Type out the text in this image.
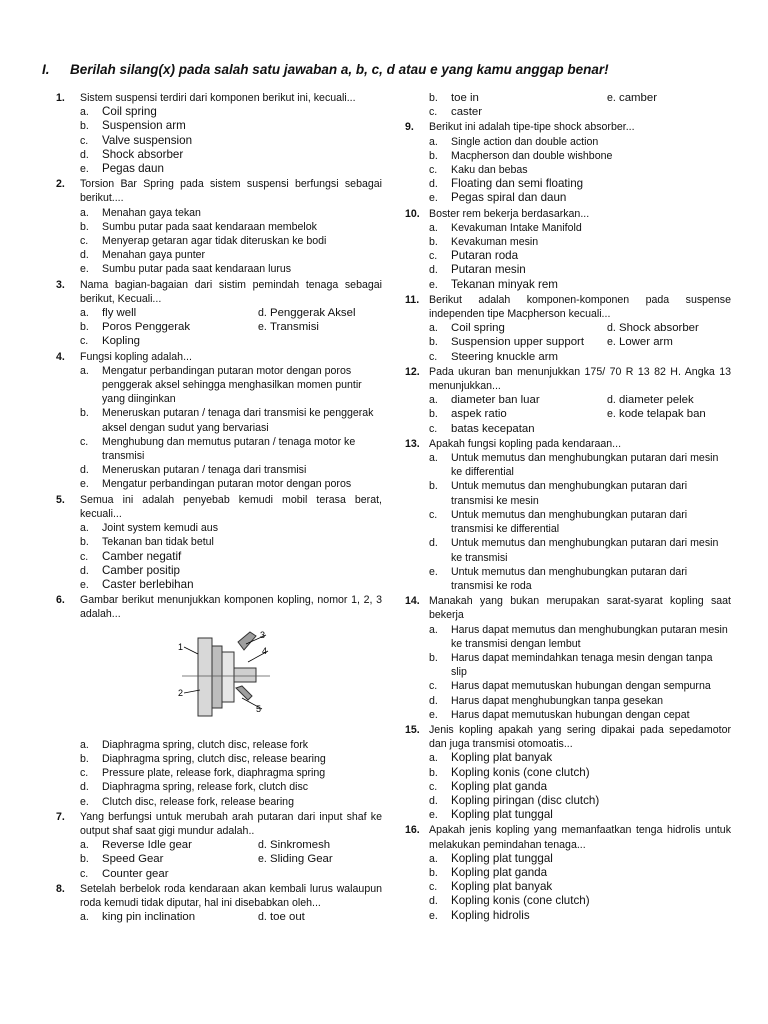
I. Berilah silang(x) pada salah satu jawaban a, b, c, d atau e yang kamu anggap benar!
1. Sistem suspensi terdiri dari komponen berikut ini, kecuali...
a.	Coil spring
b.	Suspension arm
c.	Valve suspension
d.	Shock absorber
e.	Pegas daun
2. Torsion Bar Spring pada sistem suspensi berfungsi sebagai berikut....
a.	Menahan gaya tekan
b.	Sumbu putar pada saat kendaraan membelok
c.	Menyerap getaran agar tidak diteruskan ke bodi
d.	Menahan gaya punter
e.	Sumbu putar pada saat kendaraan lurus
3. Nama bagian-bagaian dari sistim pemindah tenaga sebagai berikut, Kecuali...
a.	fly well	d. Penggerak Aksel
b.	Poros Penggerak	e. Transmisi
c.	Kopling
4. Fungsi kopling adalah...
a.	Mengatur perbandingan putaran motor dengan poros penggerak aksel sehingga menghasilkan momen puntir yang diinginkan
b.	Meneruskan putaran / tenaga dari transmisi ke penggerak aksel dengan sudut yang bervariasi
c.	Menghubung dan memutus putaran / tenaga motor ke transmisi
d.	Meneruskan putaran / tenaga dari transmisi
e.	Mengatur perbandingan putaran motor dengan poros
5. Semua ini adalah penyebab kemudi mobil terasa berat, kecuali...
a.	Joint system kemudi aus
b.	Tekanan ban tidak betul
c.	Camber negatif
d.	Camber positip
e.	Caster berlebihan
6. Gambar berikut menunjukkan komponen kopling, nomor 1, 2, 3 adalah...
1
2
3
4
5
a.	Diaphragma spring, clutch disc, release fork
b.	Diaphragma spring, clutch disc, release bearing
c.	Pressure plate, release fork, diaphragma spring
d.	Diaphragma spring, release fork, clutch disc
e.	Clutch disc, release fork, release bearing
7. Yang berfungsi untuk merubah arah putaran dari input shaf ke output shaf saat gigi mundur adalah..
a.	Reverse Idle gear	d. Sinkromesh
b.	Speed Gear	e. Sliding Gear
c.	Counter gear
8. Setelah berbelok roda kendaraan akan kembali lurus walaupun roda kemudi tidak diputar, hal ini disebabkan oleh...
a.	king pin inclination	d. toe out
b.	toe in	e. camber
c.	caster
9. Berikut ini adalah tipe-tipe shock absorber...
a.	Single action dan double action
b.	Macpherson dan double wishbone
c.	Kaku dan bebas
d.	Floating dan semi floating
e.	Pegas spiral dan daun
10. Boster rem bekerja berdasarkan...
a.	Kevakuman Intake Manifold
b.	Kevakuman mesin
c.	Putaran roda
d.	Putaran mesin
e.	Tekanan minyak rem
11. Berikut adalah komponen-komponen pada suspense independen tipe Macpherson kecuali...
a.	Coil spring	d. Shock absorber
b.	Suspension upper support e. Lower arm
c.	Steering knuckle arm
12. Pada ukuran ban menunjukkan 175/ 70 R 13 82 H. Angka 13 menunjukkan...
a.	diameter ban luar	d. diameter pelek
b.	aspek ratio	e. kode telapak ban
c.	batas kecepatan
13. Apakah fungsi kopling pada kendaraan...
a.	Untuk memutus dan menghubungkan putaran dari mesin ke differential
b.	Untuk memutus dan menghubungkan putaran dari transmisi ke mesin
c.	Untuk memutus dan menghubungkan putaran dari transmisi ke differential
d.	Untuk memutus dan menghubungkan putaran dari mesin ke transmisi
e.	Untuk memutus dan menghubungkan putaran dari transmisi ke roda
14. Manakah yang bukan merupakan sarat-syarat kopling saat bekerja
a.	Harus dapat memutus dan menghubungkan putaran mesin ke transmisi dengan lembut
b.	Harus dapat memindahkan tenaga mesin dengan tanpa slip
c.	Harus dapat memutuskan hubungan dengan sempurna
d.	Harus dapat menghubungkan tanpa gesekan
e.	Harus dapat memutuskan hubungan dengan cepat
15. Jenis kopling apakah yang sering dipakai pada sepedamotor dan juga transmisi otomoatis...
a.	Kopling plat banyak
b.	Kopling konis (cone clutch)
c.	Kopling plat ganda
d.	Kopling piringan (disc clutch)
e.	Kopling plat tunggal
16. Apakah jenis kopling yang memanfaatkan tenga hidrolis untuk melakukan pemindahan tenaga...
a.	Kopling plat tunggal
b.	Kopling plat ganda
c.	Kopling plat banyak
d.	Kopling konis (cone clutch)
e.	Kopling hidrolis
